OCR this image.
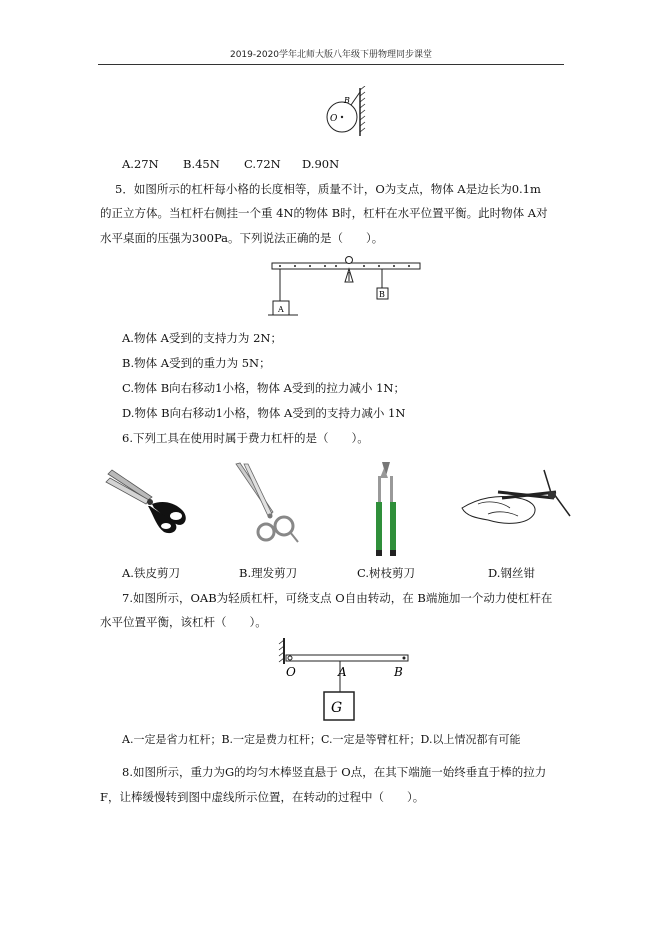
2019-2020学年北师大版八年级下册物理同步课堂
O
B
A.27N B.45N C.72N D.90N
5．如图所示的杠杆每小格的长度相等，质量不计，O为支点，物体 A是边长为0.1m
的正立方体。当杠杆右侧挂一个重 4N的物体 B时，杠杆在水平位置平衡。此时物体 A对
水平桌面的压强为300Pa。下列说法正确的是（　　）。
A
B
A.物体 A受到的支持力为 2N；
B.物体 A受到的重力为 5N；
C.物体 B向右移动1小格，物体 A受到的拉力减小 1N；
D.物体 B向右移动1小格，物体 A受到的支持力减小 1N
6.下列工具在使用时属于费力杠杆的是（　　）。
A.铁皮剪刀	B.理发剪刀	C.树枝剪刀	D.钢丝钳
7.如图所示，OAB为轻质杠杆，可绕支点 O自由转动，在 B端施加一个动力使杠杆在
水平位置平衡，该杠杆（　　）。
O	A	B
G
A.一定是省力杠杆；B.一定是费力杠杆；C.一定是等臂杠杆；D.以上情况都有可能
8.如图所示，重力为G的均匀木棒竖直悬于 O点，在其下端施一始终垂直于棒的拉力
F，让棒缓慢转到图中虚线所示位置，在转动的过程中（　　）。
